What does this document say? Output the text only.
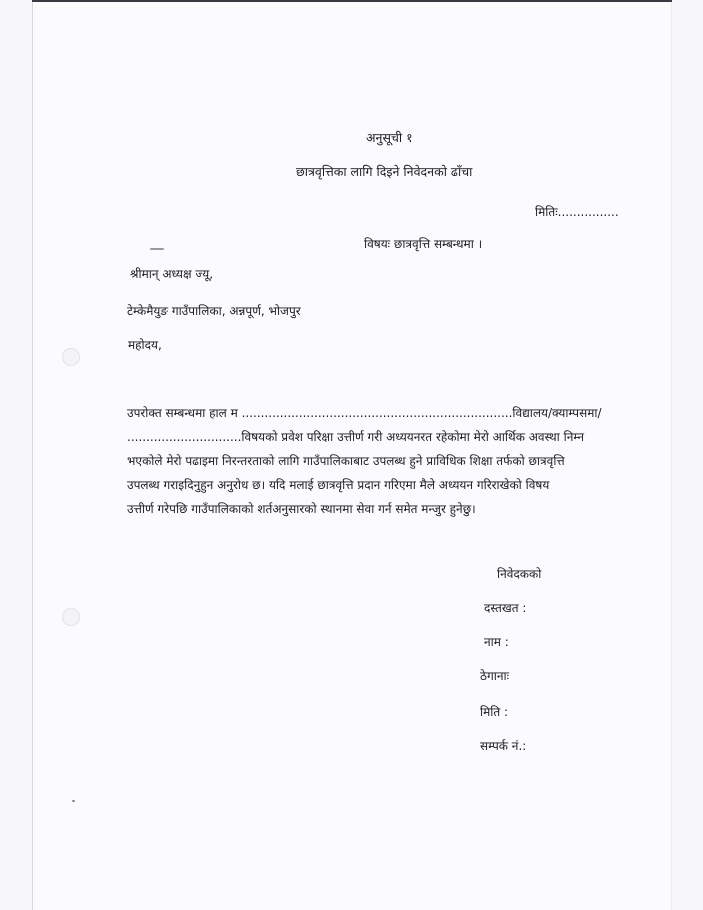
अनुसूची १
छात्रवृत्तिका लागि दिइने निवेदनको ढाँचा
मितिः................
विषयः छात्रवृत्ति सम्बन्धमा ।
श्रीमान् अध्यक्ष ज्यू,
टेम्केमैयुङ गाउँपालिका, अन्नपूर्ण, भोजपुर
महोदय,
उपरोक्त सम्बन्धमा हाल म .......................................................................विद्यालय/क्याम्पसमा/
..............................विषयको प्रवेश परिक्षा उत्तीर्ण गरी अध्ययनरत रहेकोमा मेरो आर्थिक अवस्था निम्न
भएकोले मेरो पढाइमा निरन्तरताको लागि गाउँपालिकाबाट उपलब्ध हुने प्राविधिक शिक्षा तर्फको छात्रवृत्ति
उपलब्ध गराइदिनुहुन अनुरोध छ। यदि मलाई छात्रवृत्ति प्रदान गरिएमा मैले अध्ययन गरिराखेको विषय
उत्तीर्ण गरेपछि गाउँपालिकाको शर्तअनुसारको स्थानमा सेवा गर्न समेत मन्जुर हुनेछु।
निवेदककाे
दस्तखत :
नाम :
ठेगानाः
मिति :
सम्पर्क नं.:
